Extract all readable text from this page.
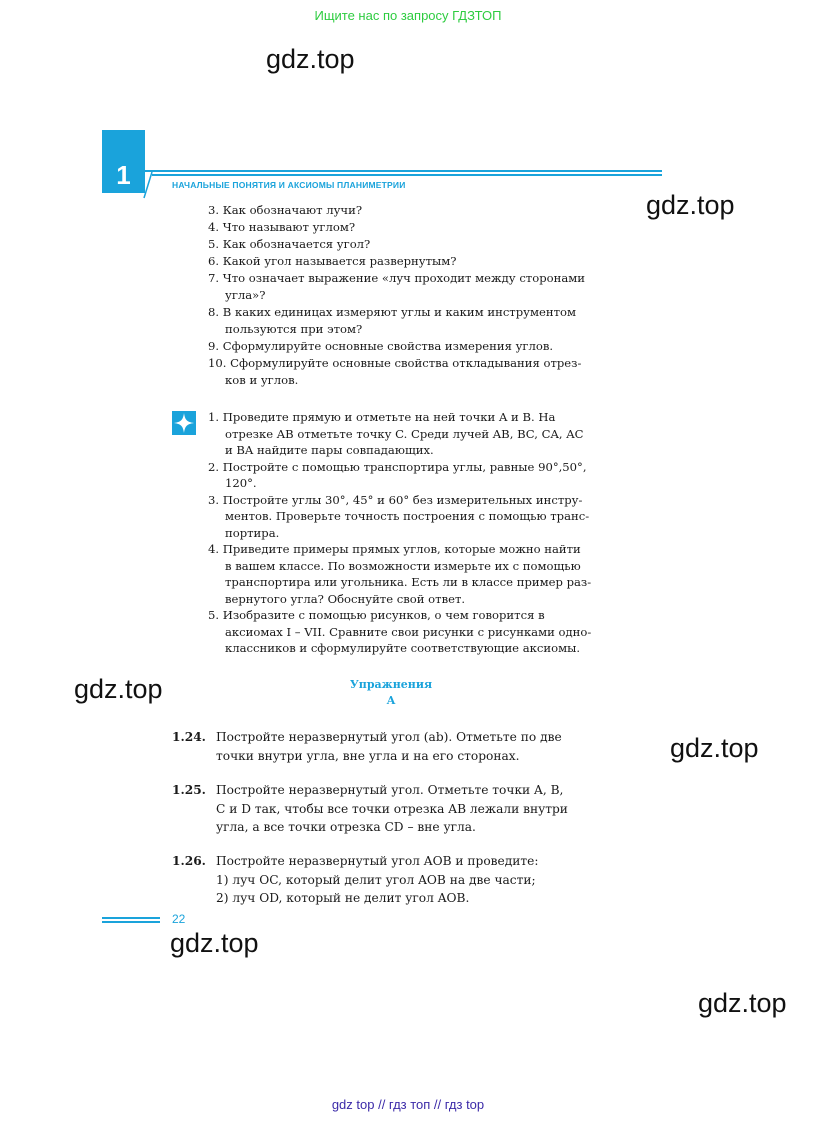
Ищите нас по запросу ГДЗТОП
gdz.top
gdz.top
gdz.top
gdz.top
gdz.top
gdz.top
1	НАЧАЛЬНЫЕ ПОНЯТИЯ И АКСИОМЫ ПЛАНИМЕТРИИ
3. Как обозначают лучи?
4. Что называют углом?
5. Как обозначается угол?
6. Какой угол называется развернутым?
7. Что означает выражение «луч проходит между сторонами
угла»?
8. В каких единицах измеряют углы и каким инструментом
пользуются при этом?
9. Сформулируйте основные свойства измерения углов.
10. Сформулируйте основные свойства откладывания отрез-
ков и углов.
1. Проведите прямую и отметьте на ней точки A и B. На
отрезке AB отметьте точку C. Среди лучей AB, BC, CA, AC
и BA найдите пары совпадающих.
2. Постройте с помощью транспортира углы, равные 90°,50°,
120°.
3. Постройте углы 30°, 45° и 60° без измерительных инстру-
ментов. Проверьте точность построения с помощью транс-
портира.
4. Приведите примеры прямых углов, которые можно найти
в вашем классе. По возможности измерьте их с помощью
транспортира или угольника. Есть ли в классе пример раз-
вернутого угла? Обоснуйте свой ответ.
5. Изобразите с помощью рисунков, о чем говорится в
аксиомах I – VII. Сравните свои рисунки с рисунками одно-
классников и сформулируйте соответствующие аксиомы.
Упражнения
A
1.24. Постройте неразвернутый угол (ab). Отметьте по две
точки внутри угла, вне угла и на его сторонах.
1.25. Постройте неразвернутый угол. Отметьте точки A, B,
C и D так, чтобы все точки отрезка AB лежали внутри
угла, а все точки отрезка CD – вне угла.
1.26. Постройте неразвернутый угол AOB и проведите:
1) луч OC, который делит угол AOB на две части;
2) луч OD, который не делит угол AOB.
22
gdz top // гдз топ // гдз top
